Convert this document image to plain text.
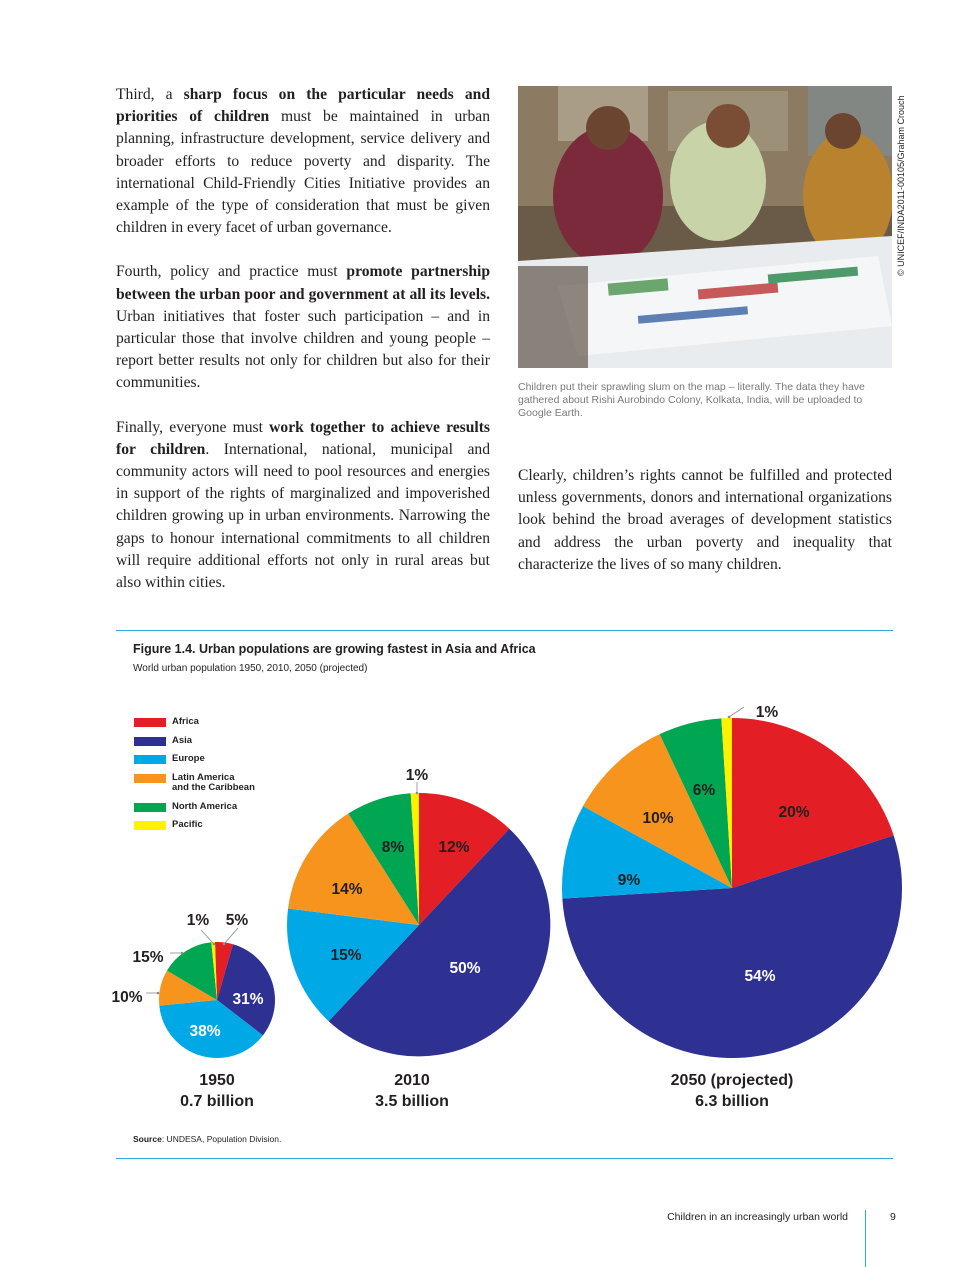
Third, a sharp focus on the particular needs and priorities of children must be maintained in urban planning, infrastructure development, service delivery and broader efforts to reduce poverty and disparity. The international Child-Friendly Cities Initiative provides an example of the type of consideration that must be given children in every facet of urban governance.

Fourth, policy and practice must promote partnership between the urban poor and government at all its levels. Urban initiatives that foster such participation – and in particular those that involve children and young people – report better results not only for children but also for their communities.

Finally, everyone must work together to achieve results for children. International, national, municipal and community actors will need to pool resources and energies in support of the rights of marginalized and impoverished children growing up in urban environments. Narrowing the gaps to honour international commitments to all children will require additional efforts not only in rural areas but also within cities.

© UNICEF/INDA2011-00105/Graham Crouch
Children put their sprawling slum on the map – literally. The data they have gathered about Rishi Aurobindo Colony, Kolkata, India, will be uploaded to Google Earth.

Clearly, children’s rights cannot be fulfilled and protected unless governments, donors and international organizations look behind the broad averages of development statistics and address the urban poverty and inequality that characterize the lives of so many children.

Figure 1.4. Urban populations are growing fastest in Asia and Africa
World urban population 1950, 2010, 2050 (projected)
Africa
Asia
Europe
Latin America
and the Caribbean
North America
Pacific
5%
31%
38%
10%
15%
1%
12%
50%
15%
14%
8%
1%
20%
54%
9%
10%
6%
1%
1950
0.7 billion
2010
3.5 billion
2050 (projected)
6.3 billion
Source: UNDESA, Population Division.
Children in an increasingly urban world	9
